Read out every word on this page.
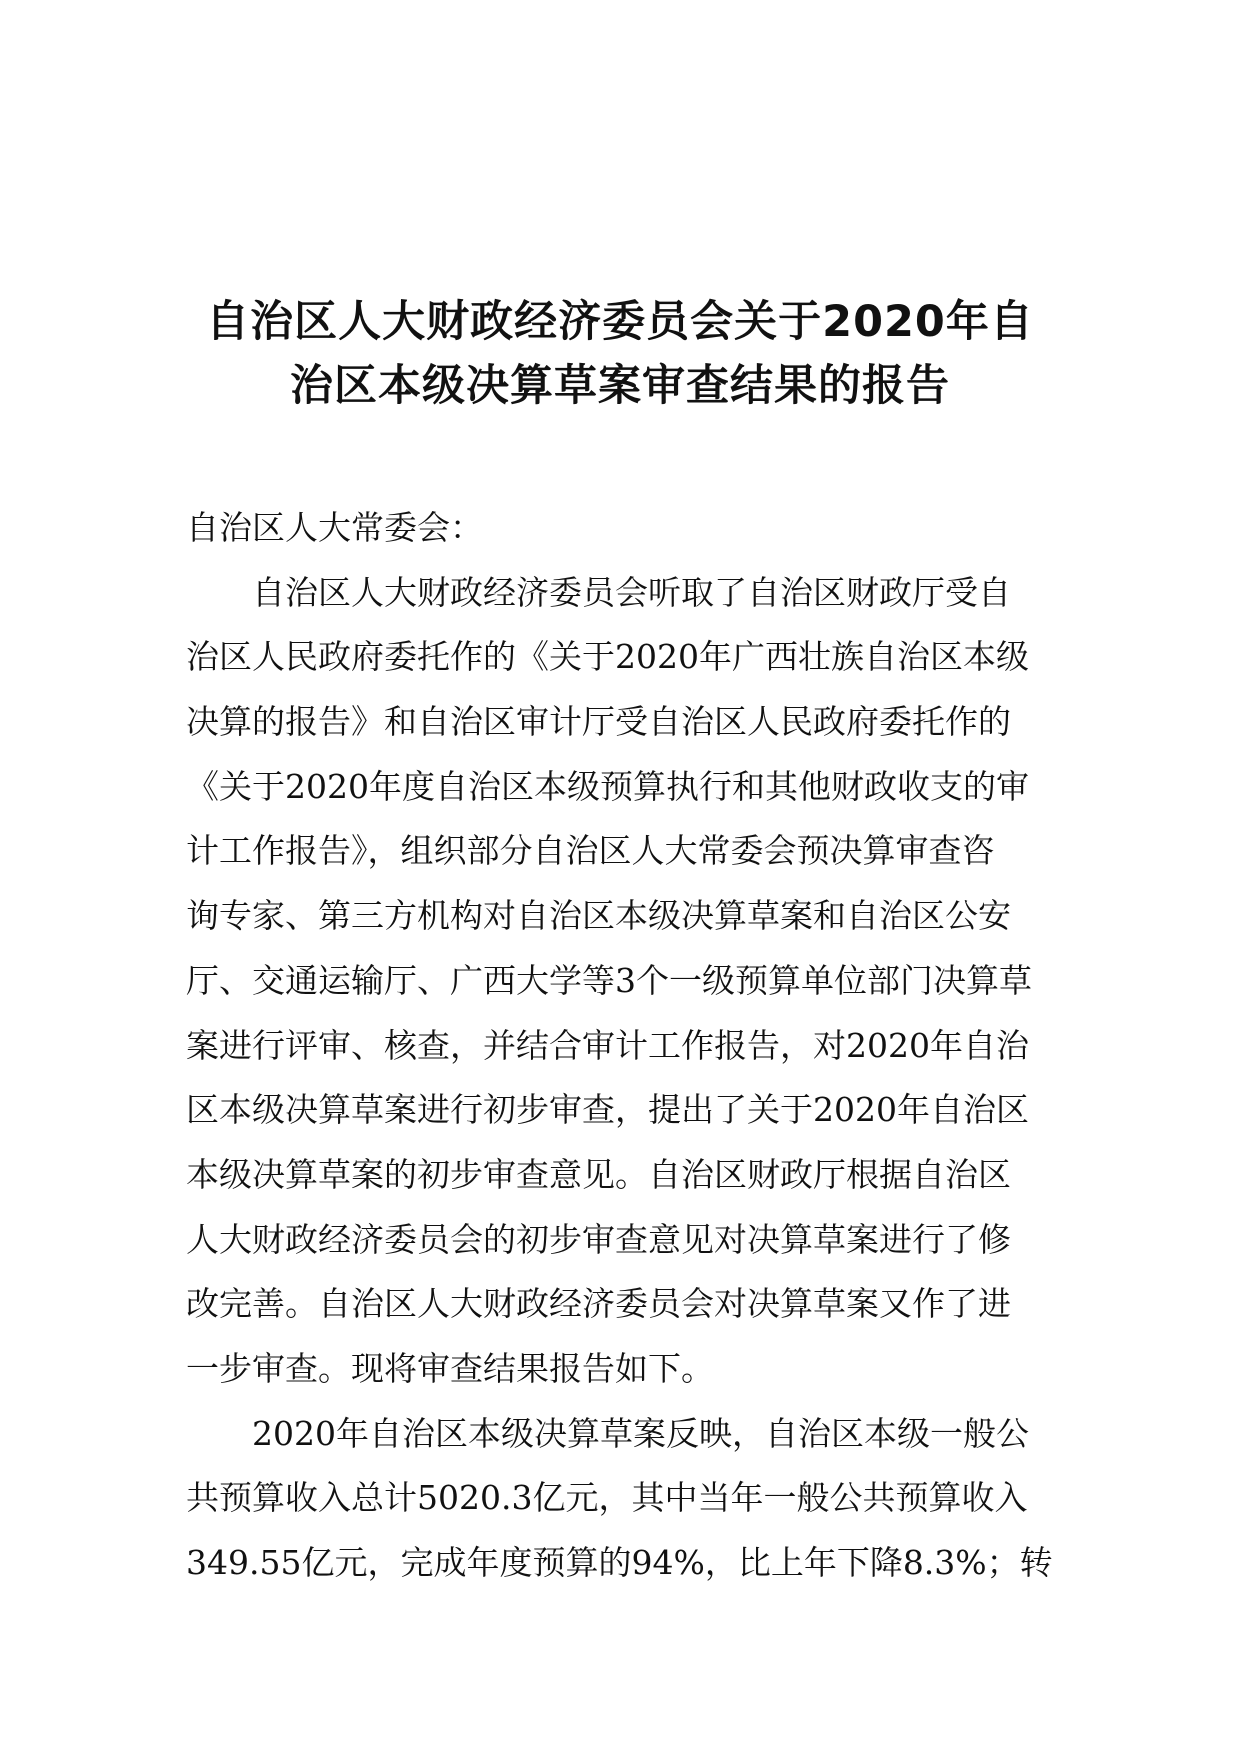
自治区人大财政经济委员会关于2020年自
治区本级决算草案审查结果的报告
自治区人大常委会：
自治区人大财政经济委员会听取了自治区财政厅受自
治区人民政府委托作的《关于2020年广西壮族自治区本级
决算的报告》和自治区审计厅受自治区人民政府委托作的
《关于2020年度自治区本级预算执行和其他财政收支的审
计工作报告》，组织部分自治区人大常委会预决算审查咨
询专家、第三方机构对自治区本级决算草案和自治区公安
厅、交通运输厅、广西大学等3个一级预算单位部门决算草
案进行评审、核查，并结合审计工作报告，对2020年自治
区本级决算草案进行初步审查，提出了关于2020年自治区
本级决算草案的初步审查意见。自治区财政厅根据自治区
人大财政经济委员会的初步审查意见对决算草案进行了修
改完善。自治区人大财政经济委员会对决算草案又作了进
一步审查。现将审查结果报告如下。
2020年自治区本级决算草案反映，自治区本级一般公
共预算收入总计5020.3亿元，其中当年一般公共预算收入
349.55亿元，完成年度预算的94%，比上年下降8.3%；转
